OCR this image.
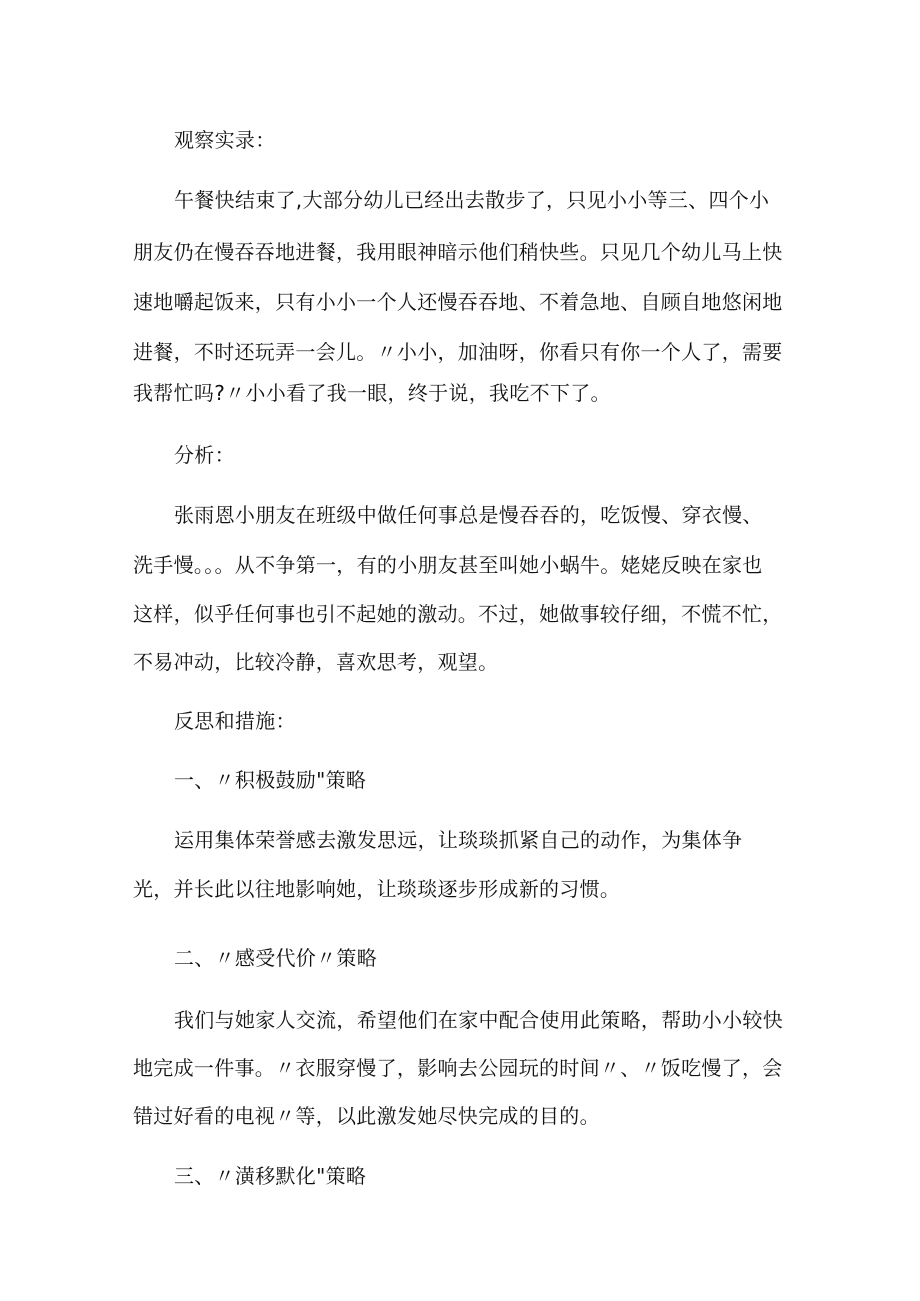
观察实录：
午餐快结束了,大部分幼儿已经出去散步了，只见小小等三、四个小
朋友仍在慢吞吞地进餐，我用眼神暗示他们稍快些。只见几个幼儿马上快
速地嚼起饭来，只有小小一个人还慢吞吞地、不着急地、自顾自地悠闲地
进餐，不时还玩弄一会儿。〃小小，加油呀，你看只有你一个人了，需要
我帮忙吗?〃小小看了我一眼，终于说，我吃不下了。
分析：
张雨恩小朋友在班级中做任何事总是慢吞吞的，吃饭慢、穿衣慢、
洗手慢。。。从不争第一，有的小朋友甚至叫她小蜗牛。姥姥反映在家也
这样，似乎任何事也引不起她的激动。不过，她做事较仔细，不慌不忙，
不易冲动，比较冷静，喜欢思考，观望。
反思和措施：
一、〃积极鼓励"策略
运用集体荣誉感去激发思远，让琰琰抓紧自己的动作，为集体争
光，并长此以往地影响她，让琰琰逐步形成新的习惯。
二、〃感受代价〃策略
我们与她家人交流，希望他们在家中配合使用此策略，帮助小小较快
地完成一件事。〃衣服穿慢了，影响去公园玩的时间〃、〃饭吃慢了，会
错过好看的电视〃等，以此激发她尽快完成的目的。
三、〃潢移默化"策略
